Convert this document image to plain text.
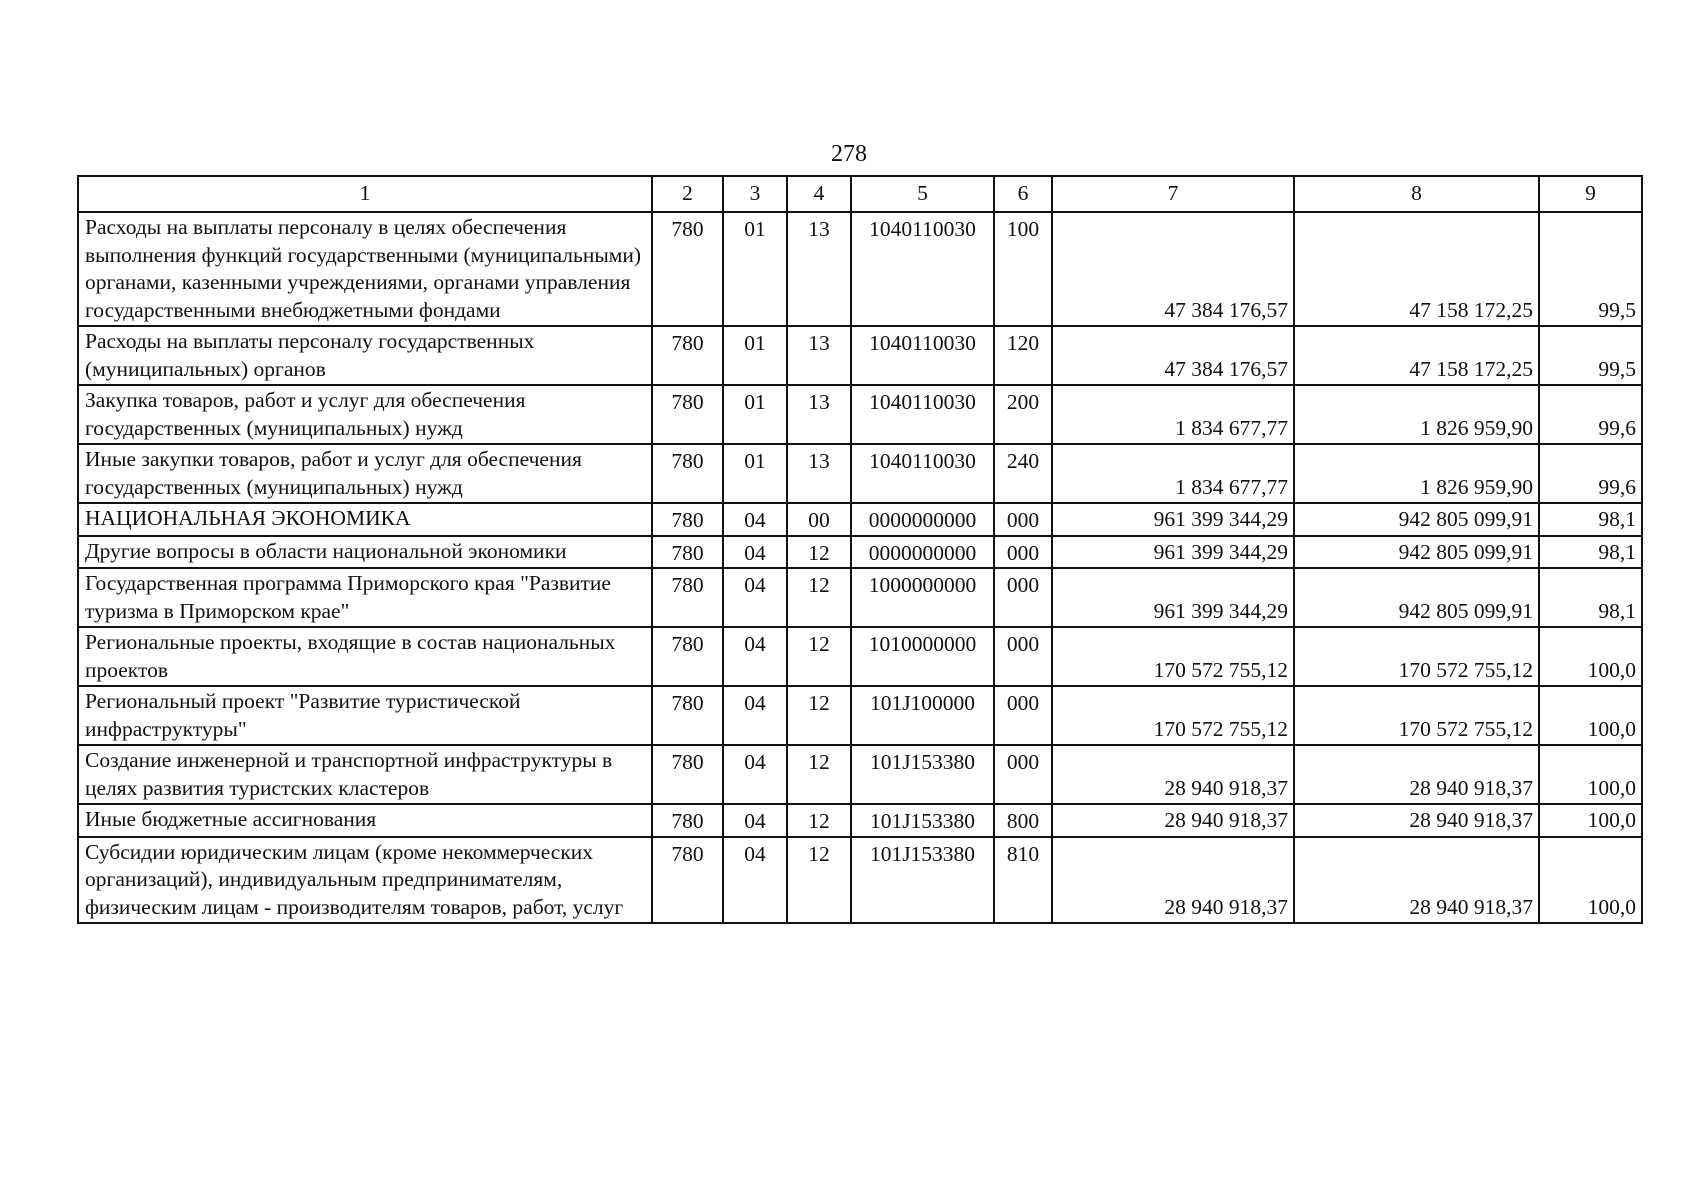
278
1	2	3	4	5	6	7	8	9
Расходы на выплаты персоналу в целях обеспечения выполнения функций государственными (муниципальными) органами, казенными учреждениями, органами управления государственными внебюджетными фондами	780	01	13	1040110030	100	47 384 176,57	47 158 172,25	99,5
Расходы на выплаты персоналу государственных (муниципальных) органов	780	01	13	1040110030	120	47 384 176,57	47 158 172,25	99,5
Закупка товаров, работ и услуг для обеспечения государственных (муниципальных) нужд	780	01	13	1040110030	200	1 834 677,77	1 826 959,90	99,6
Иные закупки товаров, работ и услуг для обеспечения государственных (муниципальных) нужд	780	01	13	1040110030	240	1 834 677,77	1 826 959,90	99,6
НАЦИОНАЛЬНАЯ ЭКОНОМИКА	780	04	00	0000000000	000	961 399 344,29	942 805 099,91	98,1
Другие вопросы в области национальной экономики	780	04	12	0000000000	000	961 399 344,29	942 805 099,91	98,1
Государственная программа Приморского края "Развитие туризма в Приморском крае"	780	04	12	1000000000	000	961 399 344,29	942 805 099,91	98,1
Региональные проекты, входящие в состав национальных проектов	780	04	12	1010000000	000	170 572 755,12	170 572 755,12	100,0
Региональный проект "Развитие туристической инфраструктуры"	780	04	12	101J100000	000	170 572 755,12	170 572 755,12	100,0
Создание инженерной и транспортной инфраструктуры в целях развития туристских кластеров	780	04	12	101J153380	000	28 940 918,37	28 940 918,37	100,0
Иные бюджетные ассигнования	780	04	12	101J153380	800	28 940 918,37	28 940 918,37	100,0
Субсидии юридическим лицам (кроме некоммерческих организаций), индивидуальным предпринимателям, физическим лицам - производителям товаров, работ, услуг	780	04	12	101J153380	810	28 940 918,37	28 940 918,37	100,0
